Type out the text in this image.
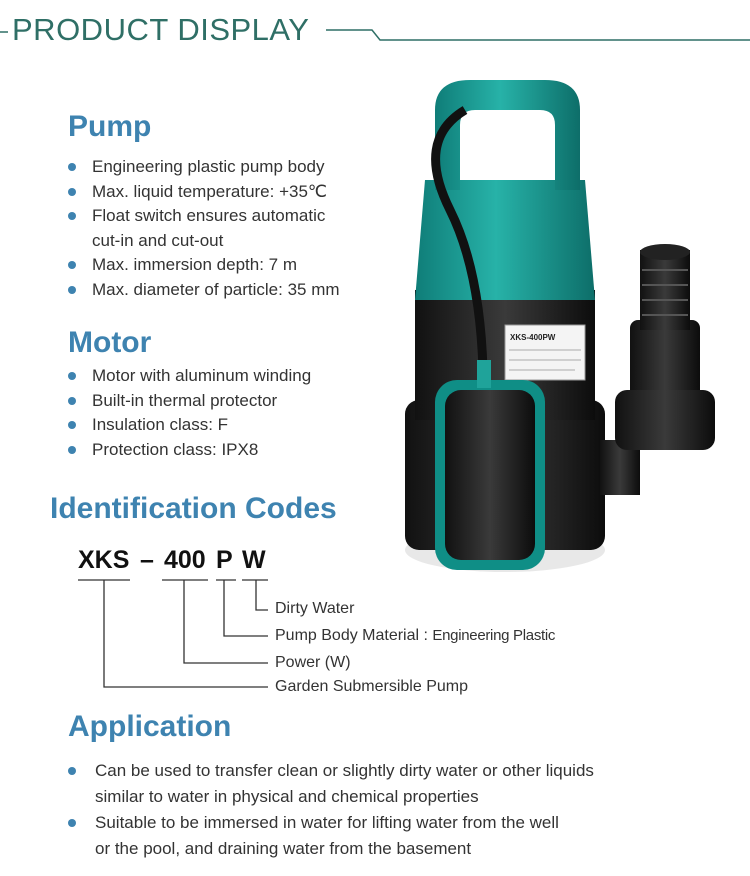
PRODUCT DISPLAY
Pump
Engineering plastic pump body
Max. liquid temperature: +35℃
Float switch ensures automatic cut-in and cut-out
Max. immersion depth: 7 m
Max. diameter of particle: 35 mm
Motor
Motor with aluminum winding
Built-in thermal protector
Insulation class: F
Protection class: IPX8
Identification Codes
XKS – 400 P W
Dirty Water
Pump Body Material : Engineering Plastic
Power (W)
Garden Submersible Pump
Application
Can be used to transfer clean or slightly dirty water or other liquids similar to water in physical and chemical properties
Suitable to be immersed in water for lifting water from the well or the pool, and draining water from the basement
XKS-400PW
